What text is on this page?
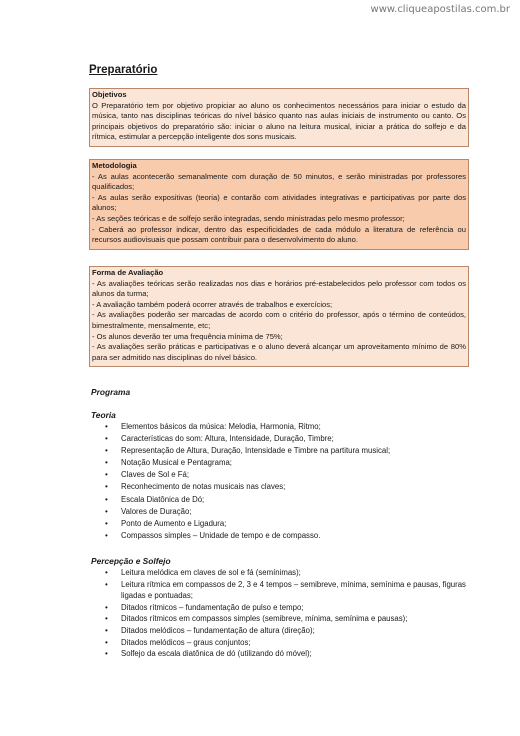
www.cliqueapostilas.com.br
Preparatório
Objetivos

O Preparatório tem por objetivo propiciar ao aluno os conhecimentos necessários para iniciar o estudo da música, tanto nas disciplinas teóricas do nível básico quanto nas aulas iniciais de instrumento ou canto. Os principais objetivos do preparatório são: iniciar o aluno na leitura musical, iniciar a prática do solfejo e da rítmica, estimular a percepção inteligente dos sons musicais.

Metodologia

- As aulas acontecerão semanalmente com duração de 50 minutos, e serão ministradas por professores qualificados;

- As aulas serão expositivas (teoria) e contarão com atividades integrativas e participativas por parte dos alunos;

- As seções teóricas e de solfejo serão integradas, sendo ministradas pelo mesmo professor;

- Caberá ao professor indicar, dentro das especificidades de cada módulo a literatura de referência ou recursos audiovisuais que possam contribuir para o desenvolvimento do aluno.

Forma de Avaliação

- As avaliações teóricas serão realizadas nos dias e horários pré-estabelecidos pelo professor com todos os alunos da turma;

- A avaliação também poderá ocorrer através de trabalhos e exercícios;

- As avaliações poderão ser marcadas de acordo com o critério do professor, após o término de conteúdos, bimestralmente, mensalmente, etc;

- Os alunos deverão ter uma frequência mínima de 75%;

- As avaliações serão práticas e participativas e o aluno deverá alcançar um aproveitamento mínimo de 80% para ser admitido nas disciplinas do nível básico.

Programa
Teoria
• Elementos básicos da música: Melodia, Harmonia, Ritmo;
• Características do som: Altura, Intensidade, Duração, Timbre;
• Representação de Altura, Duração, Intensidade e Timbre na partitura musical;
• Notação Musical e Pentagrama;
• Claves de Sol e Fá;
• Reconhecimento de notas musicais nas claves;
• Escala Diatônica de Dó;
• Valores de Duração;
• Ponto de Aumento e Ligadura;
• Compassos simples – Unidade de tempo e de compasso.
Percepção e Solfejo
• Leitura melódica em claves de sol e fá (semínimas);
• Leitura rítmica em compassos de 2, 3 e 4 tempos – semibreve, mínima, semínima e pausas, figuras ligadas e pontuadas;
• Ditados rítmicos – fundamentação de pulso e tempo;
• Ditados rítmicos em compassos simples (semibreve, mínima, semínima e pausas);
• Ditados melódicos – fundamentação de altura (direção);
• Ditados melódicos – graus conjuntos;
• Solfejo da escala diatônica de dó (utilizando dó móvel);
